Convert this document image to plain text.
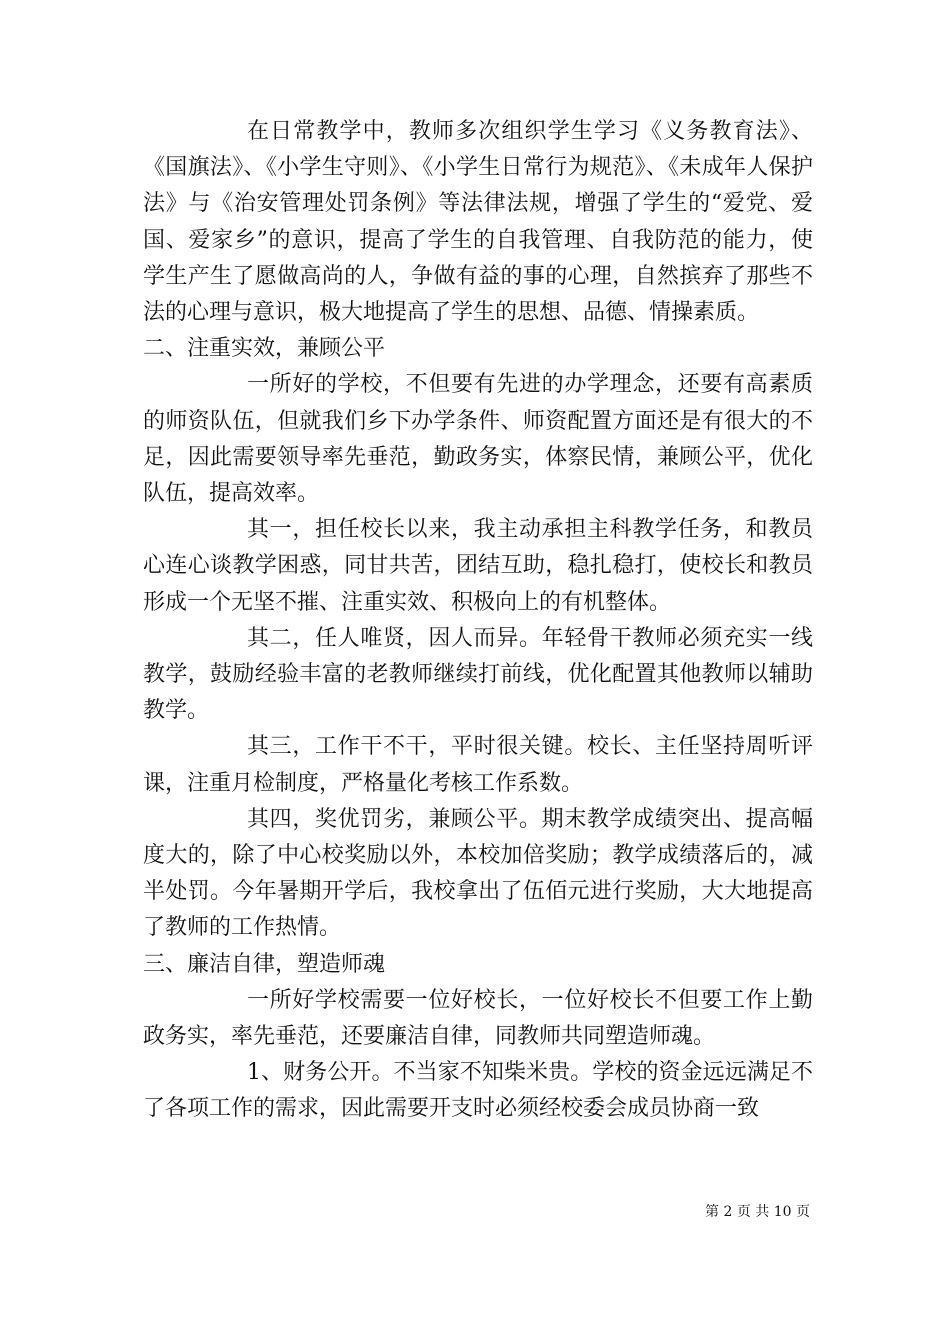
在日常教学中，教师多次组织学生学习《义务教育法》、《国旗法》、《小学生守则》、《小学生日常行为规范》、《未成年人保护法》与《治安管理处罚条例》等法律法规，增强了学生的“爱党、爱国、爱家乡”的意识，提高了学生的自我管理、自我防范的能力，使学生产生了愿做高尚的人，争做有益的事的心理，自然摈弃了那些不法的心理与意识，极大地提高了学生的思想、品德、情操素质。

二、注重实效，兼顾公平

一所好的学校，不但要有先进的办学理念，还要有高素质的师资队伍，但就我们乡下办学条件、师资配置方面还是有很大的不足，因此需要领导率先垂范，勤政务实，体察民情，兼顾公平，优化队伍，提高效率。

其一，担任校长以来，我主动承担主科教学任务，和教员心连心谈教学困惑，同甘共苦，团结互助，稳扎稳打，使校长和教员形成一个无坚不摧、注重实效、积极向上的有机整体。

其二，任人唯贤，因人而异。年轻骨干教师必须充实一线教学，鼓励经验丰富的老教师继续打前线，优化配置其他教师以辅助教学。

其三，工作干不干，平时很关键。校长、主任坚持周听评课，注重月检制度，严格量化考核工作系数。

其四，奖优罚劣，兼顾公平。期末教学成绩突出、提高幅度大的，除了中心校奖励以外，本校加倍奖励；教学成绩落后的，减半处罚。今年暑期开学后，我校拿出了伍佰元进行奖励，大大地提高了教师的工作热情。

三、廉洁自律，塑造师魂

一所好学校需要一位好校长，一位好校长不但要工作上勤政务实，率先垂范，还要廉洁自律，同教师共同塑造师魂。

1、财务公开。不当家不知柴米贵。学校的资金远远满足不了各项工作的需求，因此需要开支时必须经校委会成员协商一致

第 2 页 共 10 页
